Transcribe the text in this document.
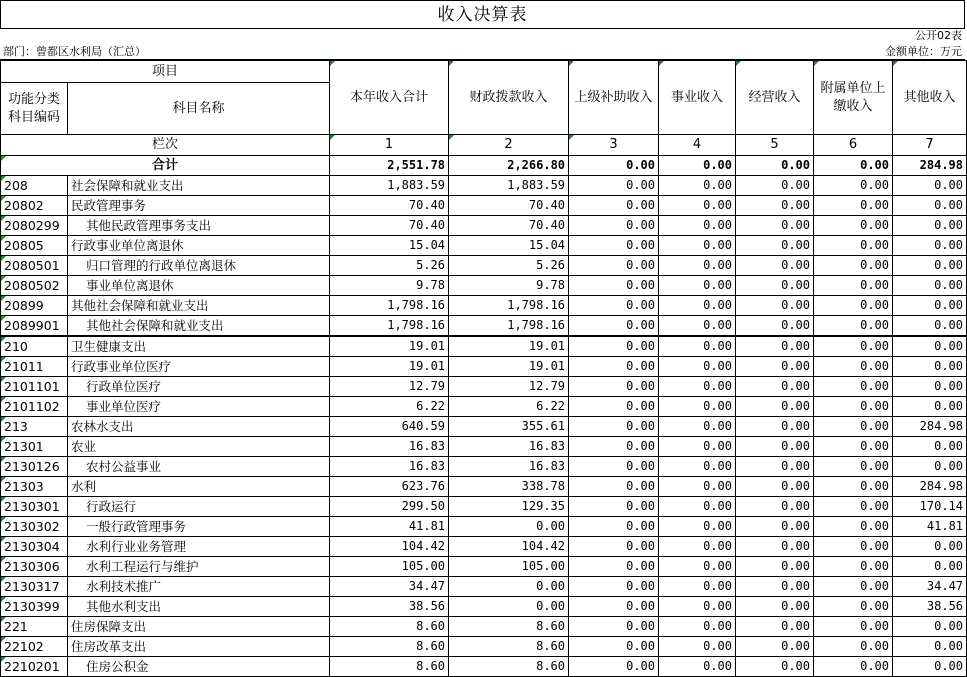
收入决算表
公开02表
部门：曾都区水利局（汇总）	金额单位：万元
项目		本年收入合计	财政拨款收入	上级补助收入	事业收入	经营收入	附属单位上缴收入	其他收入
功能分类科目编码	科目名称							
栏次		1	2	3	4	5	6	7
合计		2,551.78	2,266.80	0.00	0.00	0.00	0.00	284.98
208	社会保障和就业支出	1,883.59	1,883.59	0.00	0.00	0.00	0.00	0.00
20802	民政管理事务	70.40	70.40	0.00	0.00	0.00	0.00	0.00
2080299	其他民政管理事务支出	70.40	70.40	0.00	0.00	0.00	0.00	0.00
20805	行政事业单位离退休	15.04	15.04	0.00	0.00	0.00	0.00	0.00
2080501	归口管理的行政单位离退休	5.26	5.26	0.00	0.00	0.00	0.00	0.00
2080502	事业单位离退休	9.78	9.78	0.00	0.00	0.00	0.00	0.00
20899	其他社会保障和就业支出	1,798.16	1,798.16	0.00	0.00	0.00	0.00	0.00
2089901	其他社会保障和就业支出	1,798.16	1,798.16	0.00	0.00	0.00	0.00	0.00
210	卫生健康支出	19.01	19.01	0.00	0.00	0.00	0.00	0.00
21011	行政事业单位医疗	19.01	19.01	0.00	0.00	0.00	0.00	0.00
2101101	行政单位医疗	12.79	12.79	0.00	0.00	0.00	0.00	0.00
2101102	事业单位医疗	6.22	6.22	0.00	0.00	0.00	0.00	0.00
213	农林水支出	640.59	355.61	0.00	0.00	0.00	0.00	284.98
21301	农业	16.83	16.83	0.00	0.00	0.00	0.00	0.00
2130126	农村公益事业	16.83	16.83	0.00	0.00	0.00	0.00	0.00
21303	水利	623.76	338.78	0.00	0.00	0.00	0.00	284.98
2130301	行政运行	299.50	129.35	0.00	0.00	0.00	0.00	170.14
2130302	一般行政管理事务	41.81	0.00	0.00	0.00	0.00	0.00	41.81
2130304	水利行业业务管理	104.42	104.42	0.00	0.00	0.00	0.00	0.00
2130306	水利工程运行与维护	105.00	105.00	0.00	0.00	0.00	0.00	0.00
2130317	水利技术推广	34.47	0.00	0.00	0.00	0.00	0.00	34.47
2130399	其他水利支出	38.56	0.00	0.00	0.00	0.00	0.00	38.56
221	住房保障支出	8.60	8.60	0.00	0.00	0.00	0.00	0.00
22102	住房改革支出	8.60	8.60	0.00	0.00	0.00	0.00	0.00
2210201	住房公积金	8.60	8.60	0.00	0.00	0.00	0.00	0.00
